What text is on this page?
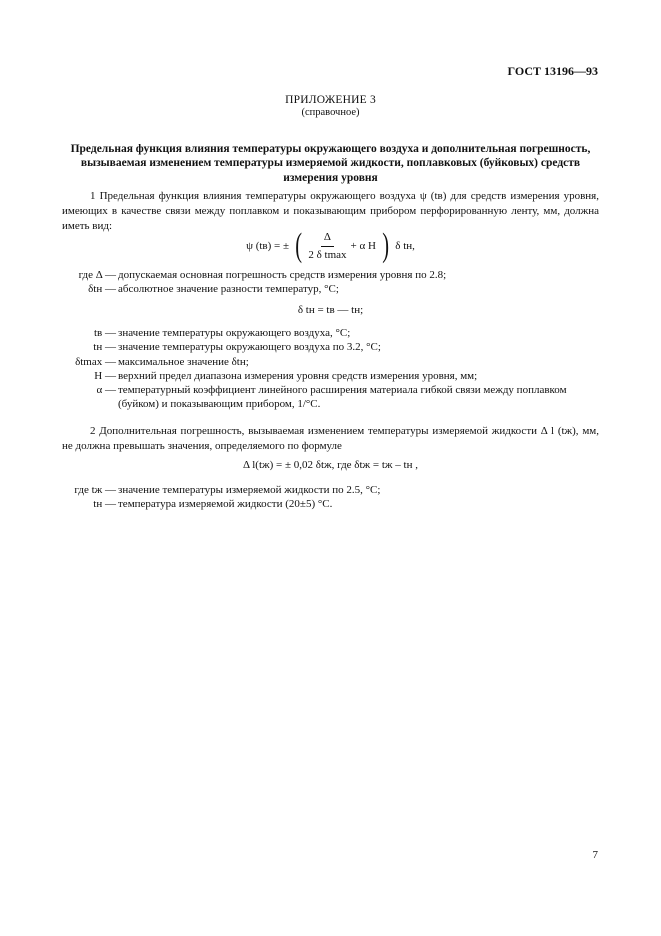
ГОСТ 13196—93
ПРИЛОЖЕНИЕ 3
(справочное)
Предельная функция влияния температуры окружающего воздуха и дополнительная погрешность, вызываемая изменением температуры измеряемой жидкости, поплавковых (буйковых) средств измерения уровня
1 Предельная функция влияния температуры окружающего воздуха ψ (tв) для средств измерения уровня, имеющих в качестве связи между поплавком и показывающим прибором перфорированную ленту, мм, должна иметь вид:
ψ (tв) = ± ( $\frac{\Delta}{\text{2 δ tmax}} + \alpha$ H ) δ tн,
где Δ — допускаемая основная погрешность средств измерения уровня по 2.8;
δtн — абсолютное значение разности температур, °С;
δ tн = tв — tн;
tв — значение температуры окружающего воздуха, °С;
tн — значение температуры окружающего воздуха по 3.2, °С;
δtmax — максимальное значение δtн;
H — верхний предел диапазона измерения уровня средств измерения уровня, мм;
α — температурный коэффициент линейного расширения материала гибкой связи между поплавком (буйком) и показывающим прибором, 1/°С.
2 Дополнительная погрешность, вызываемая изменением температуры измеряемой жидкости Δ l (tж), мм, не должна превышать значения, определяемого по формуле
Δ l(tж) = ± 0,02 δtж, где δtж = tж – tн ,
где tж — значение температуры измеряемой жидкости по 2.5, °С;
tн — температура измеряемой жидкости (20±5) °С.
7
